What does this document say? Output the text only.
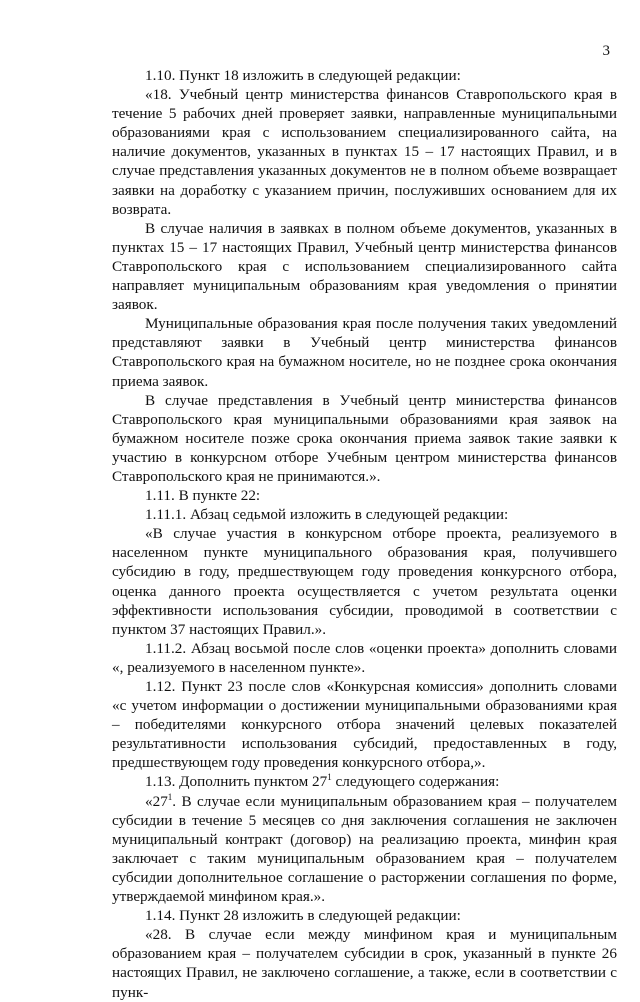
3

1.10. Пункт 18 изложить в следующей редакции:

«18. Учебный центр министерства финансов Ставропольского края в течение 5 рабочих дней проверяет заявки, направленные муниципальными образованиями края с использованием специализированного сайта, на наличие документов, указанных в пунктах 15 – 17 настоящих Правил, и в случае представления указанных документов не в полном объеме возвращает заявки на доработку с указанием причин, послуживших основанием для их возврата.

В случае наличия в заявках в полном объеме документов, указанных в пунктах 15 – 17 настоящих Правил, Учебный центр министерства финансов Ставропольского края с использованием специализированного сайта направляет муниципальным образованиям края уведомления о принятии заявок.

Муниципальные образования края после получения таких уведомлений представляют заявки в Учебный центр министерства финансов Ставропольского края на бумажном носителе, но не позднее срока окончания приема заявок.

В случае представления в Учебный центр министерства финансов Ставропольского края муниципальными образованиями края заявок на бумажном носителе позже срока окончания приема заявок такие заявки к участию в конкурсном отборе Учебным центром министерства финансов Ставропольского края не принимаются.».

1.11. В пункте 22:

1.11.1. Абзац седьмой изложить в следующей редакции:

«В случае участия в конкурсном отборе проекта, реализуемого в населенном пункте муниципального образования края, получившего субсидию в году, предшествующем году проведения конкурсного отбора, оценка данного проекта осуществляется с учетом результата оценки эффективности использования субсидии, проводимой в соответствии с пунктом 37 настоящих Правил.».

1.11.2. Абзац восьмой после слов «оценки проекта» дополнить словами «, реализуемого в населенном пункте».

1.12. Пункт 23 после слов «Конкурсная комиссия» дополнить словами «с учетом информации о достижении муниципальными образованиями края – победителями конкурсного отбора значений целевых показателей результативности использования субсидий, предоставленных в году, предшествующем году проведения конкурсного отбора,».

1.13. Дополнить пунктом $27^1$ следующего содержания:

«$27^1$. В случае если муниципальным образованием края – получателем субсидии в течение 5 месяцев со дня заключения соглашения не заключен муниципальный контракт (договор) на реализацию проекта, минфин края заключает с таким муниципальным образованием края – получателем субсидии дополнительное соглашение о расторжении соглашения по форме, утверждаемой минфином края.».

1.14. Пункт 28 изложить в следующей редакции:

«28. В случае если между минфином края и муниципальным образованием края – получателем субсидии в срок, указанный в пункте 26 настоящих Правил, не заключено соглашение, а также, если в соответствии с пунк-
